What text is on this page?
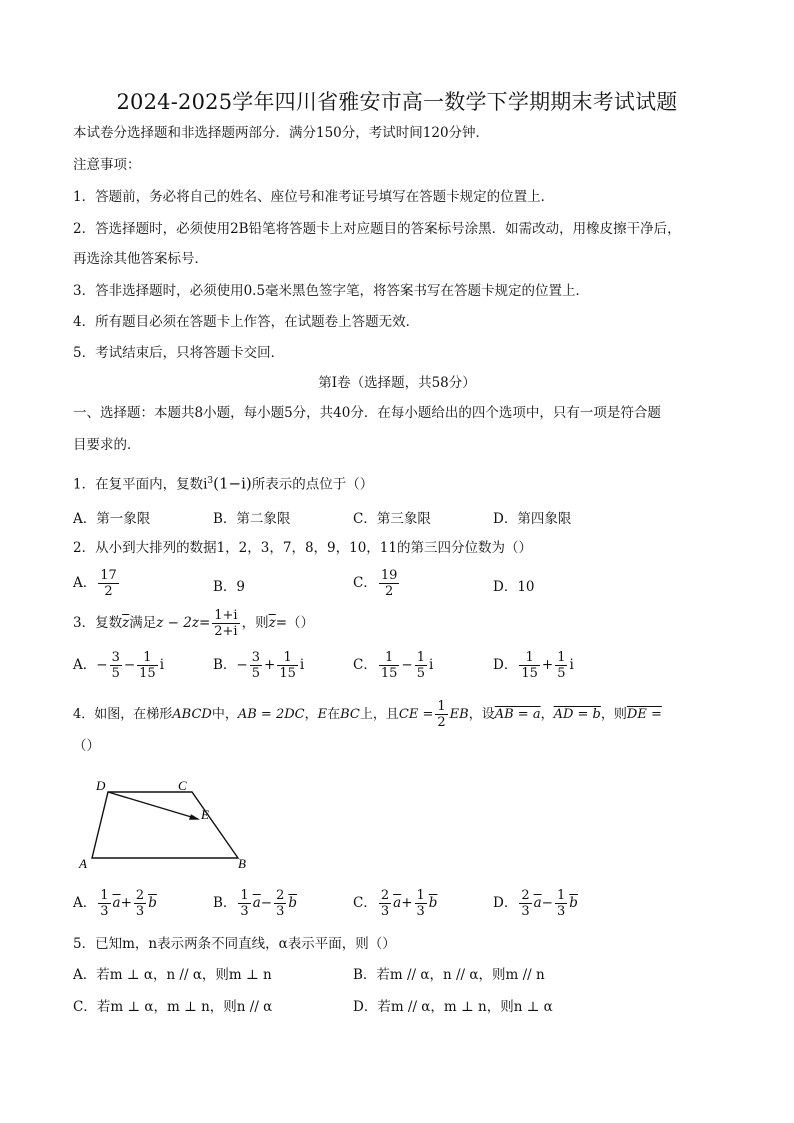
2024-2025学年四川省雅安市高一数学下学期期末考试试题
本试卷分选择题和非选择题两部分．满分150分，考试时间120分钟．
注意事项：
1．答题前，务必将自己的姓名、座位号和准考证号填写在答题卡规定的位置上．
2．答选择题时，必须使用2B铅笔将答题卡上对应题目的答案标号涂黑．如需改动，用橡皮擦干净后，
再选涂其他答案标号．
3．答非选择题时，必须使用0.5毫米黑色签字笔，将答案书写在答题卡规定的位置上．
4．所有题目必须在答题卡上作答，在试题卷上答题无效．
5．考试结束后，只将答题卡交回．
第Ⅰ卷（选择题，共58分）
一、选择题：本题共8小题，每小题5分，共40分．在每小题给出的四个选项中，只有一项是符合题
目要求的．
1．在复平面内，复数$i^3(1-i)$所表示的点位于（）
A．第一象限	B．第二象限	C．第三象限	D．第四象限
2．从小到大排列的数据1，2，3，7，8，9，10，11的第三四分位数为（）
A． $\frac{17}{2}$	B．9	C． $\frac{19}{2}$	D．10
3．复数$\overline{z}$满足$z - 2z= \frac{1+i}{2+i}$ ，则$\overline{z}=()$
A．− $\frac{3}{5} - \frac{1}{15}$ i	B．− $\frac{3}{5} + \frac{1}{15}$ i	C． $\frac{1}{15} - \frac{1}{5}$ i	D． $\frac{1}{15} + \frac{1}{5}$ i
4．如图，在梯形ABCD中，AB = 2DC，E在BC上，且CE = $\frac{1}{2}$ EB，设AB = a，AD = b，则DE =
（）
D	C
E
A	B
A． $\frac{1}{3} \overline{a}+ \frac{2}{3} \overline{b}$	B． $\frac{1}{3} \overline{a}- \frac{2}{3} \overline{b}$	C． $\frac{2}{3} \overline{a}+ \frac{1}{3} \overline{b}$	D． $\frac{2}{3} \overline{a}- \frac{1}{3} \overline{b}$
5．已知m，n表示两条不同直线，α表示平面，则（）
A．若m ⊥ α，n // α，则m ⊥ n	B．若m // α，n // α，则m // n
C．若m ⊥ α，m ⊥ n，则n // α	D．若m // α，m ⊥ n，则n ⊥ α
